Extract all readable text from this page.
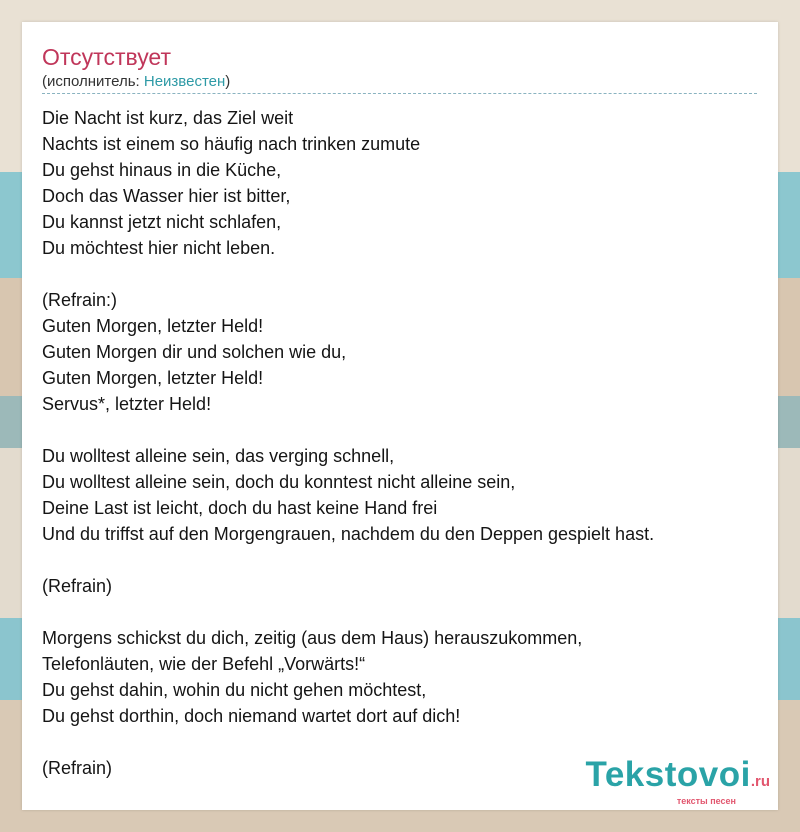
Отсутствует
(исполнитель: Неизвестен)
Die Nacht ist kurz, das Ziel weit
Nachts ist einem so häufig nach trinken zumute
Du gehst hinaus in die Küche,
Doch das Wasser hier ist bitter,
Du kannst jetzt nicht schlafen,
Du möchtest hier nicht leben.
(Refrain:)
Guten Morgen, letzter Held!
Guten Morgen dir und solchen wie du,
Guten Morgen, letzter Held!
Servus*, letzter Held!
Du wolltest alleine sein, das verging schnell,
Du wolltest alleine sein, doch du konntest nicht alleine sein,
Deine Last ist leicht, doch du hast keine Hand frei
Und du triffst auf den Morgengrauen, nachdem du den Deppen gespielt hast.
(Refrain)
Morgens schickst du dich, zeitig (aus dem Haus) herauszukommen,
Telefonläuten, wie der Befehl „Vorwärts!“
Du gehst dahin, wohin du nicht gehen möchtest,
Du gehst dorthin, doch niemand wartet dort auf dich!
(Refrain)	Tekstovoi.ru
тексты песен
